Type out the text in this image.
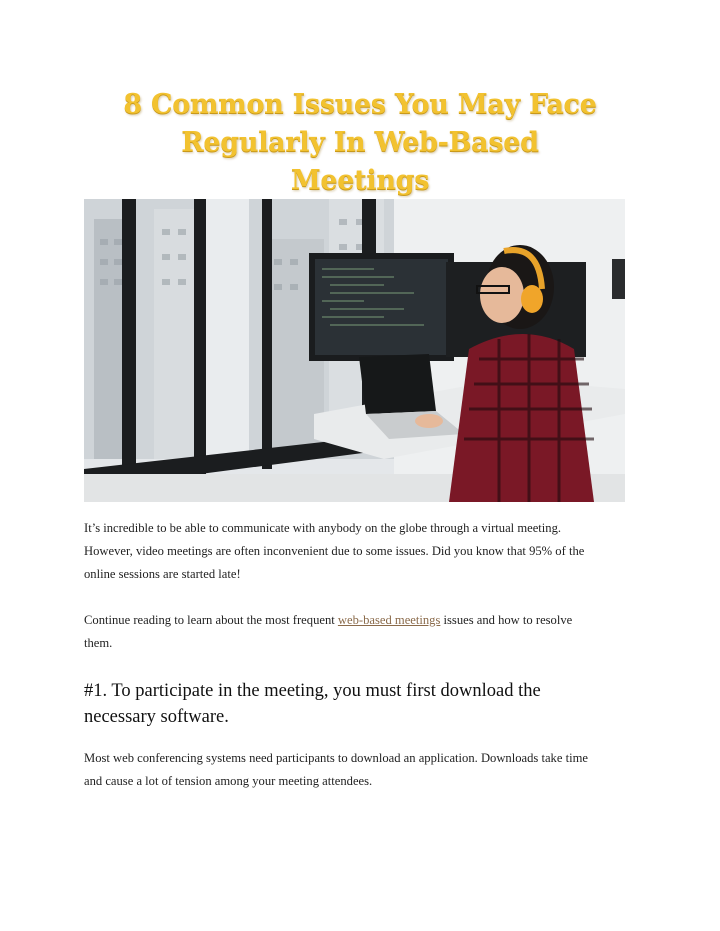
8 Common Issues You May Face
Regularly In Web-Based
Meetings
It’s incredible to be able to communicate with anybody on the globe through a virtual meeting.
However, video meetings are often inconvenient due to some issues. Did you know that 95% of the
online sessions are started late!
Continue reading to learn about the most frequent web-based meetings issues and how to resolve
them.
#1. To participate in the meeting, you must first download the
necessary software.
Most web conferencing systems need participants to download an application. Downloads take time
and cause a lot of tension among your meeting attendees.
